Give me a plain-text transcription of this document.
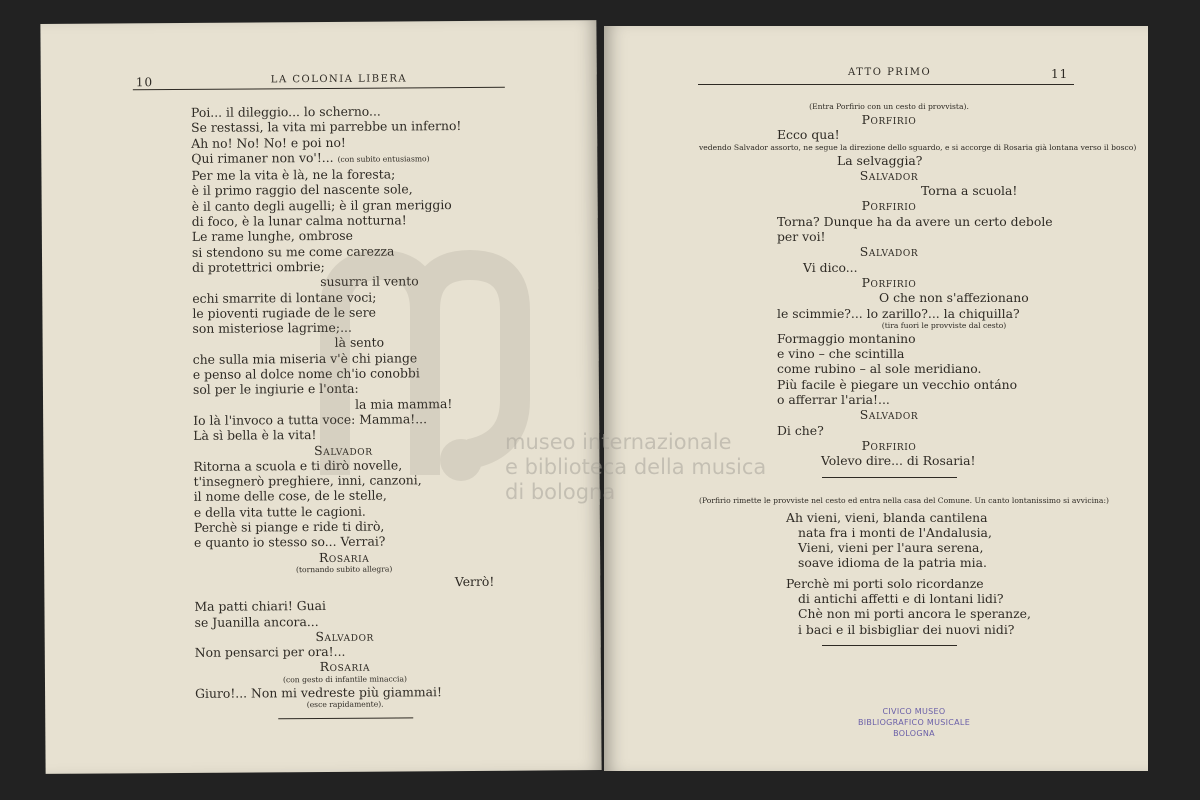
10	LA COLONIA LIBERA
Poi... il dileggio... lo scherno...
Se restassi, la vita mi parrebbe un inferno!
Ah no! No! No! e poi no!
Qui rimaner non vo'!... (con subito entusiasmo)
Per me la vita è là, ne la foresta;
è il primo raggio del nascente sole,
è il canto degli augelli; è il gran meriggio
di foco, è la lunar calma notturna!
Le rame lunghe, ombrose
si stendono su me come carezza
di protettrici ombrie;
susurra il vento
echi smarrite di lontane voci;
le pioventi rugiade de le sere
son misteriose lagrime;...
là sento
che sulla mia miseria v'è chi piange
e penso al dolce nome ch'io conobbi
sol per le ingiurie e l'onta:
la mia mamma!
Io là l'invoco a tutta voce: Mamma!...
Là sì bella è la vita!
Salvador
Ritorna a scuola e ti dirò novelle,
t'insegnerò preghiere, inni, canzoni,
il nome delle cose, de le stelle,
e della vita tutte le cagioni.
Perchè si piange e ride ti dirò,
e quanto io stesso so... Verrai?
Rosaria
(tornando subito allegra)
Verrò!
Ma patti chiari! Guai
se Juanilla ancora...
Salvador
Non pensarci per ora!...
Rosaria
(con gesto di infantile minaccia)
Giuro!... Non mi vedreste più giammai!
(esce rapidamente).
ATTO PRIMO	11
(Entra Porfirio con un cesto di provvista).
Porfirio
Ecco qua!
vedendo Salvador assorto, ne segue la direzione dello sguardo, e si accorge di Rosaria già lontana verso il bosco)
La selvaggia?
Salvador
Torna a scuola!
Porfirio
Torna? Dunque ha da avere un certo debole
per voi!
Salvador
Vi dico...
Porfirio
O che non s'affezionano
le scimmie?... lo zarillo?... la chiquilla?
(tira fuori le provviste dal cesto)
Formaggio montanino
e vino – che scintilla
come rubino – al sole meridiano.
Più facile è piegare un vecchio ontáno
o afferrar l'aria!...
Salvador
Di che?
Porfirio
Volevo dire... di Rosaria!
(Porfirio rimette le provviste nel cesto ed entra nella casa del Comune. Un canto lontanissimo si avvicina:)
Ah vieni, vieni, blanda cantilena
nata fra i monti de l'Andalusia,
Vieni, vieni per l'aura serena,
soave idioma de la patria mia.
Perchè mi porti solo ricordanze
di antichi affetti e di lontani lidi?
Chè non mi porti ancora le speranze,
i baci e il bisbigliar dei nuovi nidi?
CIVICO MUSEO
BIBLIOGRAFICO MUSICALE
BOLOGNA
museo internazionale
e biblioteca della musica
di bologna
